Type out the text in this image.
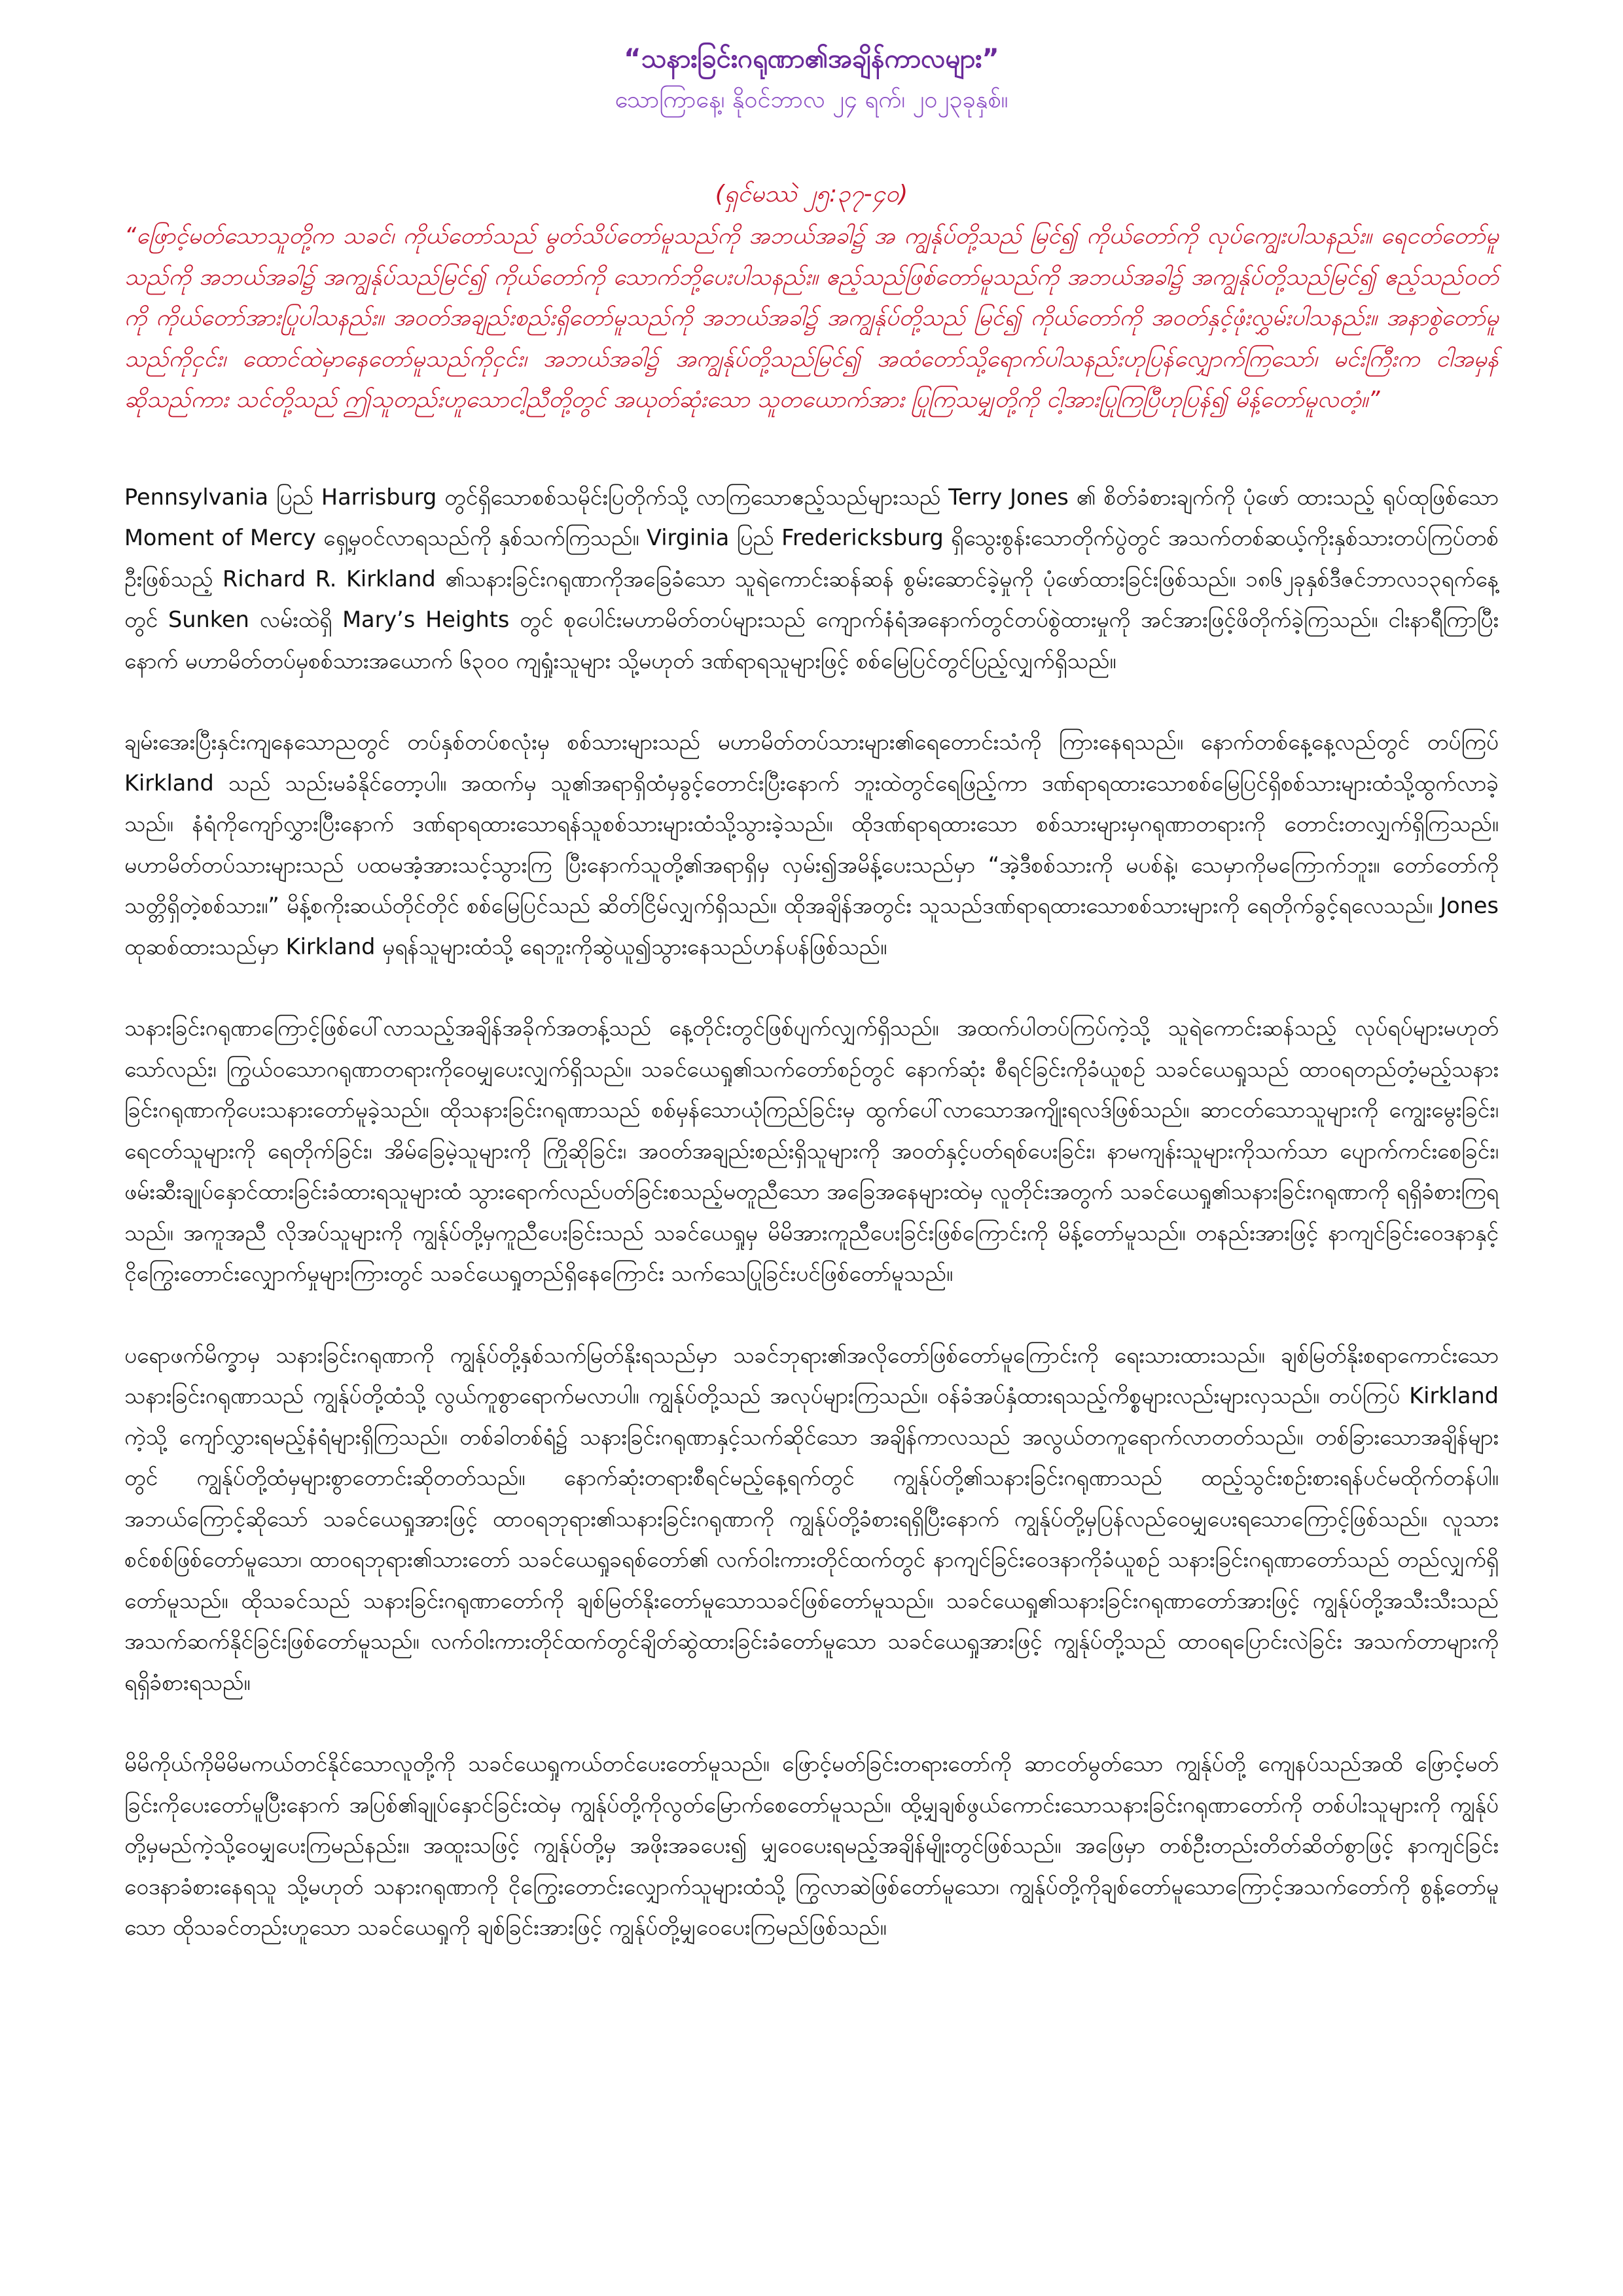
“သနားခြင်းဂရုဏာ၏အချိန်ကာလများ”

သောကြာနေ့၊ နိုဝင်ဘာလ ၂၄ ရက်၊ ၂၀၂၃ခုနှစ်။

(ရှင်မဿဲ ၂၅:၃၇-၄၀)

“ဖြောင့်မတ်သောသူတို့က သခင်၊ ကိုယ်တော်သည် မွတ်သိပ်တော်မူသည်ကို အဘယ်အခါ၌ အ ကျွန်ုပ်တို့သည် မြင်၍ ကိုယ်တော်ကို လုပ်ကျွေးပါသနည်း။ ရေငတ်တော်မူသည်ကို အဘယ်အခါ၌ အကျွန်ုပ်သည်မြင်၍ ကိုယ်တော်ကို သောက်ဘို့ပေးပါသနည်း။ ဧည့်သည်ဖြစ်တော်မူသည်ကို အဘယ်အခါ၌ အကျွန်ုပ်တို့သည်မြင်၍ ဧည့်သည်ဝတ်ကို ကိုယ်တော်အားပြုပါသနည်း။ အဝတ်အချည်းစည်းရှိတော်မူသည်ကို အဘယ်အခါ၌ အကျွန်ုပ်တို့သည် မြင်၍ ကိုယ်တော်ကို အဝတ်နှင့်ဖုံးလွှမ်းပါသနည်း။ အနာစွဲတော်မူသည်ကိုငှင်း၊ ထောင်ထဲမှာနေတော်မူသည်ကိုငှင်း၊ အဘယ်အခါ၌ အကျွန်ုပ်တို့သည်မြင်၍ အထံတော်သို့ရောက်ပါသနည်းဟုပြန်လျှောက်ကြသော်၊ မင်းကြီးက ငါအမှန်ဆိုသည်ကား သင်တို့သည် ဤသူတည်းဟူသောငါ့ညီတို့တွင် အယုတ်ဆုံးသော သူတယောက်အား ပြုကြသမျှတို့ကို ငါ့အားပြုကြပြီဟုပြန်၍ မိန့်တော်မူလတံ့။”

Pennsylvania ပြည် Harrisburg တွင်ရှိသောစစ်သမိုင်းပြတိုက်သို့ လာကြသောဧည့်သည်များသည် Terry Jones ၏ စိတ်ခံစားချက်ကို ပုံဖော် ထားသည့် ရုပ်ထုဖြစ်သော Moment of Mercy ရှေ့မှဝင်လာရသည်ကို နှစ်သက်ကြသည်။ Virginia ပြည် Fredericksburg ရှိသွေးစွန်းသောတိုက်ပွဲတွင် အသက်တစ်ဆယ့်ကိုးနှစ်သားတပ်ကြပ်တစ်ဦးဖြစ်သည့် Richard R. Kirkland ၏သနားခြင်းဂရုဏာကိုအခြေခံသော သူရဲကောင်းဆန်ဆန် စွမ်းဆောင်ခဲ့မှုကို ပုံဖော်ထားခြင်းဖြစ်သည်။ ၁၈၆၂ခုနှစ်ဒီဇင်ဘာလ၁၃ရက်နေ့တွင် Sunken လမ်းထဲရှိ Mary’s Heights တွင် စုပေါင်းမဟာမိတ်တပ်များသည် ကျောက်နံရံအနောက်တွင်တပ်စွဲထားမှုကို အင်အားဖြင့်ဖိတိုက်ခဲ့ကြသည်။ ငါးနာရီကြာပြီးနောက် မဟာမိတ်တပ်မှစစ်သားအယောက် ၆၃၀၀ ကျရှုံးသူများ သို့မဟုတ် ဒဏ်ရာရသူများဖြင့် စစ်မြေပြင်တွင်ပြည့်လျှက်ရှိသည်။

ချမ်းအေးပြီးနှင်းကျနေသောညတွင် တပ်နှစ်တပ်စလုံးမှ စစ်သားများသည် မဟာမိတ်တပ်သားများ၏ရေတောင်းသံကို ကြားနေရသည်။ နောက်တစ်နေ့နေ့လည်တွင် တပ်ကြပ် Kirkland သည် သည်းမခံနိုင်တော့ပါ။ အထက်မှ သူ၏အရာရှိထံမှခွင့်တောင်းပြီးနောက် ဘူးထဲတွင်ရေဖြည့်ကာ ဒဏ်ရာရထားသောစစ်မြေပြင်ရှိစစ်သားများထံသို့ထွက်လာခဲ့သည်။ နံရံကိုကျော်လွှားပြီးနောက် ဒဏ်ရာရထားသောရန်သူစစ်သားများထံသို့သွားခဲ့သည်။ ထိုဒဏ်ရာရထားသော စစ်သားများမှဂရုဏာတရားကို တောင်းတလျှက်ရှိကြသည်။ မဟာမိတ်တပ်သားများသည် ပထမအံ့အားသင့်သွားကြ ပြီးနောက်သူတို့၏အရာရှိမှ လှမ်း၍အမိန့်ပေးသည်မှာ “အဲ့ဒီစစ်သားကို မပစ်နဲ့၊ သေမှာကိုမကြောက်ဘူး။ တော်တော်ကိုသတ္တိရှိတဲ့စစ်သား။” မိန့်စကိုးဆယ်တိုင်တိုင် စစ်မြေပြင်သည် ဆိတ်ငြိမ်လျှက်ရှိသည်။ ထိုအချိန်အတွင်း သူသည်ဒဏ်ရာရထားသောစစ်သားများကို ရေတိုက်ခွင့်ရလေသည်။ Jones ထုဆစ်ထားသည်မှာ Kirkland မှရန်သူများထံသို့ ရေဘူးကိုဆွဲယူ၍သွားနေသည်ဟန်ပန်ဖြစ်သည်။

သနားခြင်းဂရုဏာကြောင့်ဖြစ်ပေါ်လာသည့်အချိန်အခိုက်အတန့်သည် နေ့တိုင်းတွင်ဖြစ်ပျက်လျှက်ရှိသည်။ အထက်ပါတပ်ကြပ်ကဲ့သို့ သူရဲကောင်းဆန်သည့် လုပ်ရပ်များမဟုတ်သော်လည်း၊ ကြွယ်ဝသောဂရုဏာတရားကိုဝေမျှပေးလျှက်ရှိသည်။ သခင်ယေရှု၏သက်တော်စဉ်တွင် နောက်ဆုံး စီရင်ခြင်းကိုခံယူစဉ် သခင်ယေရှုသည် ထာဝရတည်တံ့မည့်သနားခြင်းဂရုဏာကိုပေးသနားတော်မူခဲ့သည်။ ထိုသနားခြင်းဂရုဏာသည် စစ်မှန်သောယုံကြည်ခြင်းမှ ထွက်ပေါ်လာသောအကျိုးရလဒ်ဖြစ်သည်။ ဆာငတ်သောသူများကို ကျွေးမွေးခြင်း၊ ရေငတ်သူများကို ရေတိုက်ခြင်း၊ အိမ်ခြေမဲ့သူများကို ကြိုဆိုခြင်း၊ အဝတ်အချည်းစည်းရှိသူများကို အဝတ်နှင့်ပတ်ရစ်ပေးခြင်း၊ နာမကျန်းသူများကိုသက်သာ ပျောက်ကင်းစေခြင်း၊ ဖမ်းဆီးချုပ်နှောင်ထားခြင်းခံထားရသူများထံ သွားရောက်လည်ပတ်ခြင်းစသည့်မတူညီသော အခြေအနေများထဲမှ လူတိုင်းအတွက် သခင်ယေရှု၏သနားခြင်းဂရုဏာကို ရရှိခံစားကြရသည်။ အကူအညီ လိုအပ်သူများကို ကျွန်ုပ်တို့မှကူညီပေးခြင်းသည် သခင်ယေရှုမှ မိမိအားကူညီပေးခြင်းဖြစ်ကြောင်းကို မိန့်တော်မူသည်။ တနည်းအားဖြင့် နာကျင်ခြင်းဝေဒနာနှင့် ငိုကြွေးတောင်းလျှောက်မှုများကြားတွင် သခင်ယေရှုတည်ရှိနေကြောင်း သက်သေပြုခြင်းပင်ဖြစ်တော်မူသည်။

ပရောဖက်မိက္ခာမှ သနားခြင်းဂရုဏာကို ကျွန်ုပ်တို့နှစ်သက်မြတ်နိုးရသည်မှာ သခင်ဘုရား၏အလိုတော်ဖြစ်တော်မူကြောင်းကို ရေးသားထားသည်။ ချစ်မြတ်နိုးစရာကောင်းသောသနားခြင်းဂရုဏာသည် ကျွန်ုပ်တို့ထံသို့ လွယ်ကူစွာရောက်မလာပါ။ ကျွန်ုပ်တို့သည် အလုပ်များကြသည်။ ဝန်ခံအပ်နှံထားရသည့်ကိစ္စများလည်းများလှသည်။ တပ်ကြပ် Kirkland ကဲ့သို့ ကျော်လွှားရမည့်နံရံများရှိကြသည်။ တစ်ခါတစ်ရံ၌ သနားခြင်းဂရုဏာနှင့်သက်ဆိုင်သော အချိန်ကာလသည် အလွယ်တကူရောက်လာတတ်သည်။ တစ်ခြားသောအချိန်များတွင် ကျွန်ုပ်တို့ထံမှများစွာတောင်းဆိုတတ်သည်။ နောက်ဆုံးတရားစီရင်မည့်နေ့ရက်တွင် ကျွန်ုပ်တို့၏သနားခြင်းဂရုဏာသည် ထည့်သွင်းစဉ်းစားရန်ပင်မထိုက်တန်ပါ။ အဘယ်ကြောင့်ဆိုသော် သခင်ယေရှုအားဖြင့် ထာဝရဘုရား၏သနားခြင်းဂရုဏာကို ကျွန်ုပ်တို့ခံစားရရှိပြီးနောက် ကျွန်ုပ်တို့မှပြန်လည်ဝေမျှပေးရသောကြောင့်ဖြစ်သည်။ လူသားစင်စစ်ဖြစ်တော်မူသော၊ ထာဝရဘုရား၏သားတော် သခင်ယေရှုခရစ်တော်၏ လက်ဝါးကားတိုင်ထက်တွင် နာကျင်ခြင်းဝေဒနာကိုခံယူစဉ် သနားခြင်းဂရုဏာတော်သည် တည်လျှက်ရှိတော်မူသည်။ ထိုသခင်သည် သနားခြင်းဂရုဏာတော်ကို ချစ်မြတ်နိုးတော်မူသောသခင်ဖြစ်တော်မူသည်။ သခင်ယေရှု၏သနားခြင်းဂရုဏာတော်အားဖြင့် ကျွန်ုပ်တို့အသီးသီးသည် အသက်ဆက်နိုင်ခြင်းဖြစ်တော်မူသည်။ လက်ဝါးကားတိုင်ထက်တွင်ချိတ်ဆွဲထားခြင်းခံတော်မူသော သခင်ယေရှုအားဖြင့် ကျွန်ုပ်တို့သည် ထာဝရပြောင်းလဲခြင်း အသက်တာများကို ရရှိခံစားရသည်။

မိမိကိုယ်ကိုမိမိမကယ်တင်နိုင်သောလူတို့ကို သခင်ယေရှုကယ်တင်ပေးတော်မူသည်။ ဖြောင့်မတ်ခြင်းတရားတော်ကို ဆာငတ်မွတ်သော ကျွန်ုပ်တို့ ကျေနပ်သည်အထိ ဖြောင့်မတ်ခြင်းကိုပေးတော်မူပြီးနောက် အပြစ်၏ချုပ်နှောင်ခြင်းထဲမှ ကျွန်ုပ်တို့ကိုလွတ်မြောက်စေတော်မူသည်။ ထို့မျှချစ်ဖွယ်ကောင်းသောသနားခြင်းဂရုဏာတော်ကို တစ်ပါးသူများကို ကျွန်ုပ်တို့မှမည်ကဲ့သို့ဝေမျှပေးကြမည်နည်း။ အထူးသဖြင့် ကျွန်ုပ်တို့မှ အဖိုးအခပေး၍ မျှဝေပေးရမည့်အချိန်မျိုးတွင်ဖြစ်သည်။ အဖြေမှာ တစ်ဦးတည်းတိတ်ဆိတ်စွာဖြင့် နာကျင်ခြင်းဝေဒနာခံစားနေရသူ သို့မဟုတ် သနားဂရုဏာကို ငိုကြွေးတောင်းလျှောက်သူများထံသို့ ကြွလာဆဲဖြစ်တော်မူသော၊ ကျွန်ုပ်တို့ကိုချစ်တော်မူသောကြောင့်အသက်တော်ကို စွန့်တော်မူသော ထိုသခင်တည်းဟူသော သခင်ယေရှုကို ချစ်ခြင်းအားဖြင့် ကျွန်ုပ်တို့မျှဝေပေးကြမည်ဖြစ်သည်။
